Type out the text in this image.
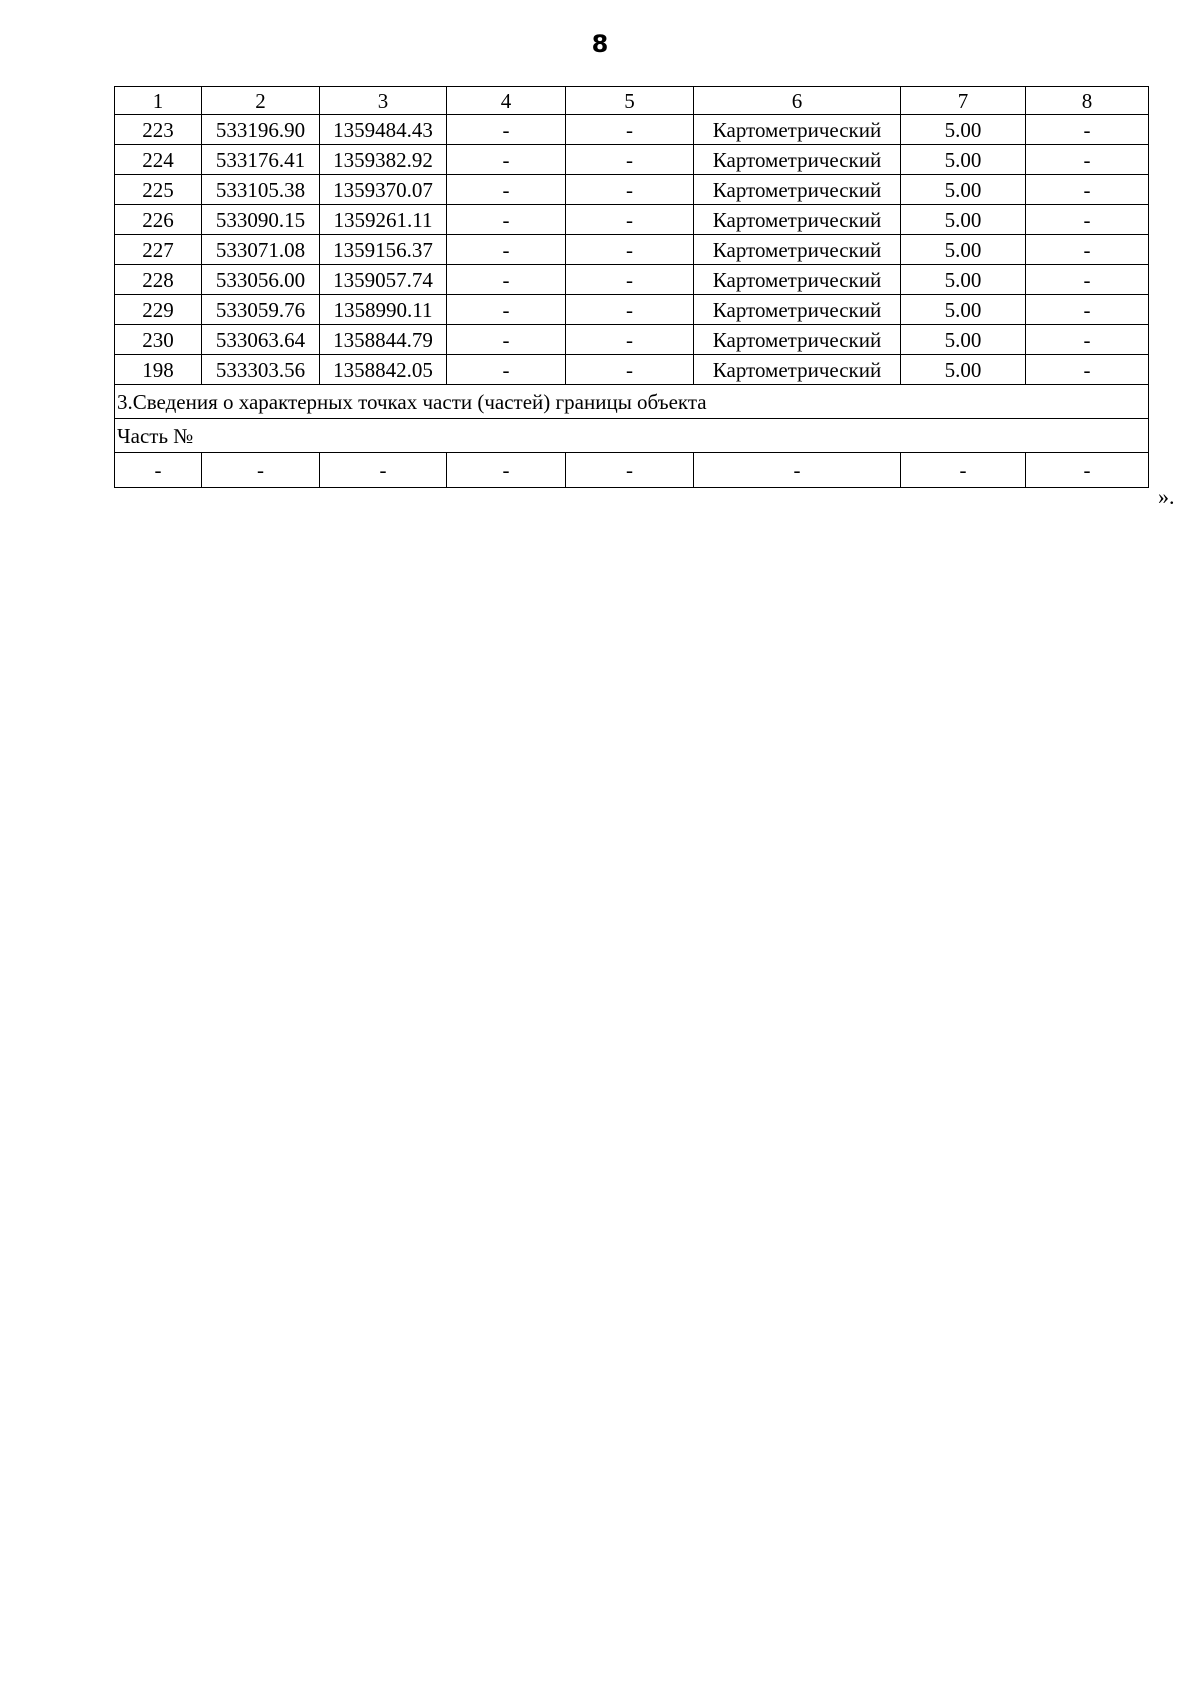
8
1	2	3	4	5	6	7	8
223	533196.90	1359484.43	-	-	Картометрический	5.00	-
224	533176.41	1359382.92	-	-	Картометрический	5.00	-
225	533105.38	1359370.07	-	-	Картометрический	5.00	-
226	533090.15	1359261.11	-	-	Картометрический	5.00	-
227	533071.08	1359156.37	-	-	Картометрический	5.00	-
228	533056.00	1359057.74	-	-	Картометрический	5.00	-
229	533059.76	1358990.11	-	-	Картометрический	5.00	-
230	533063.64	1358844.79	-	-	Картометрический	5.00	-
198	533303.56	1358842.05	-	-	Картометрический	5.00	-
3.Сведения о характерных точках части (частей) границы объекта							
Часть №							
-	-	-	-	-	-	-	-
».
